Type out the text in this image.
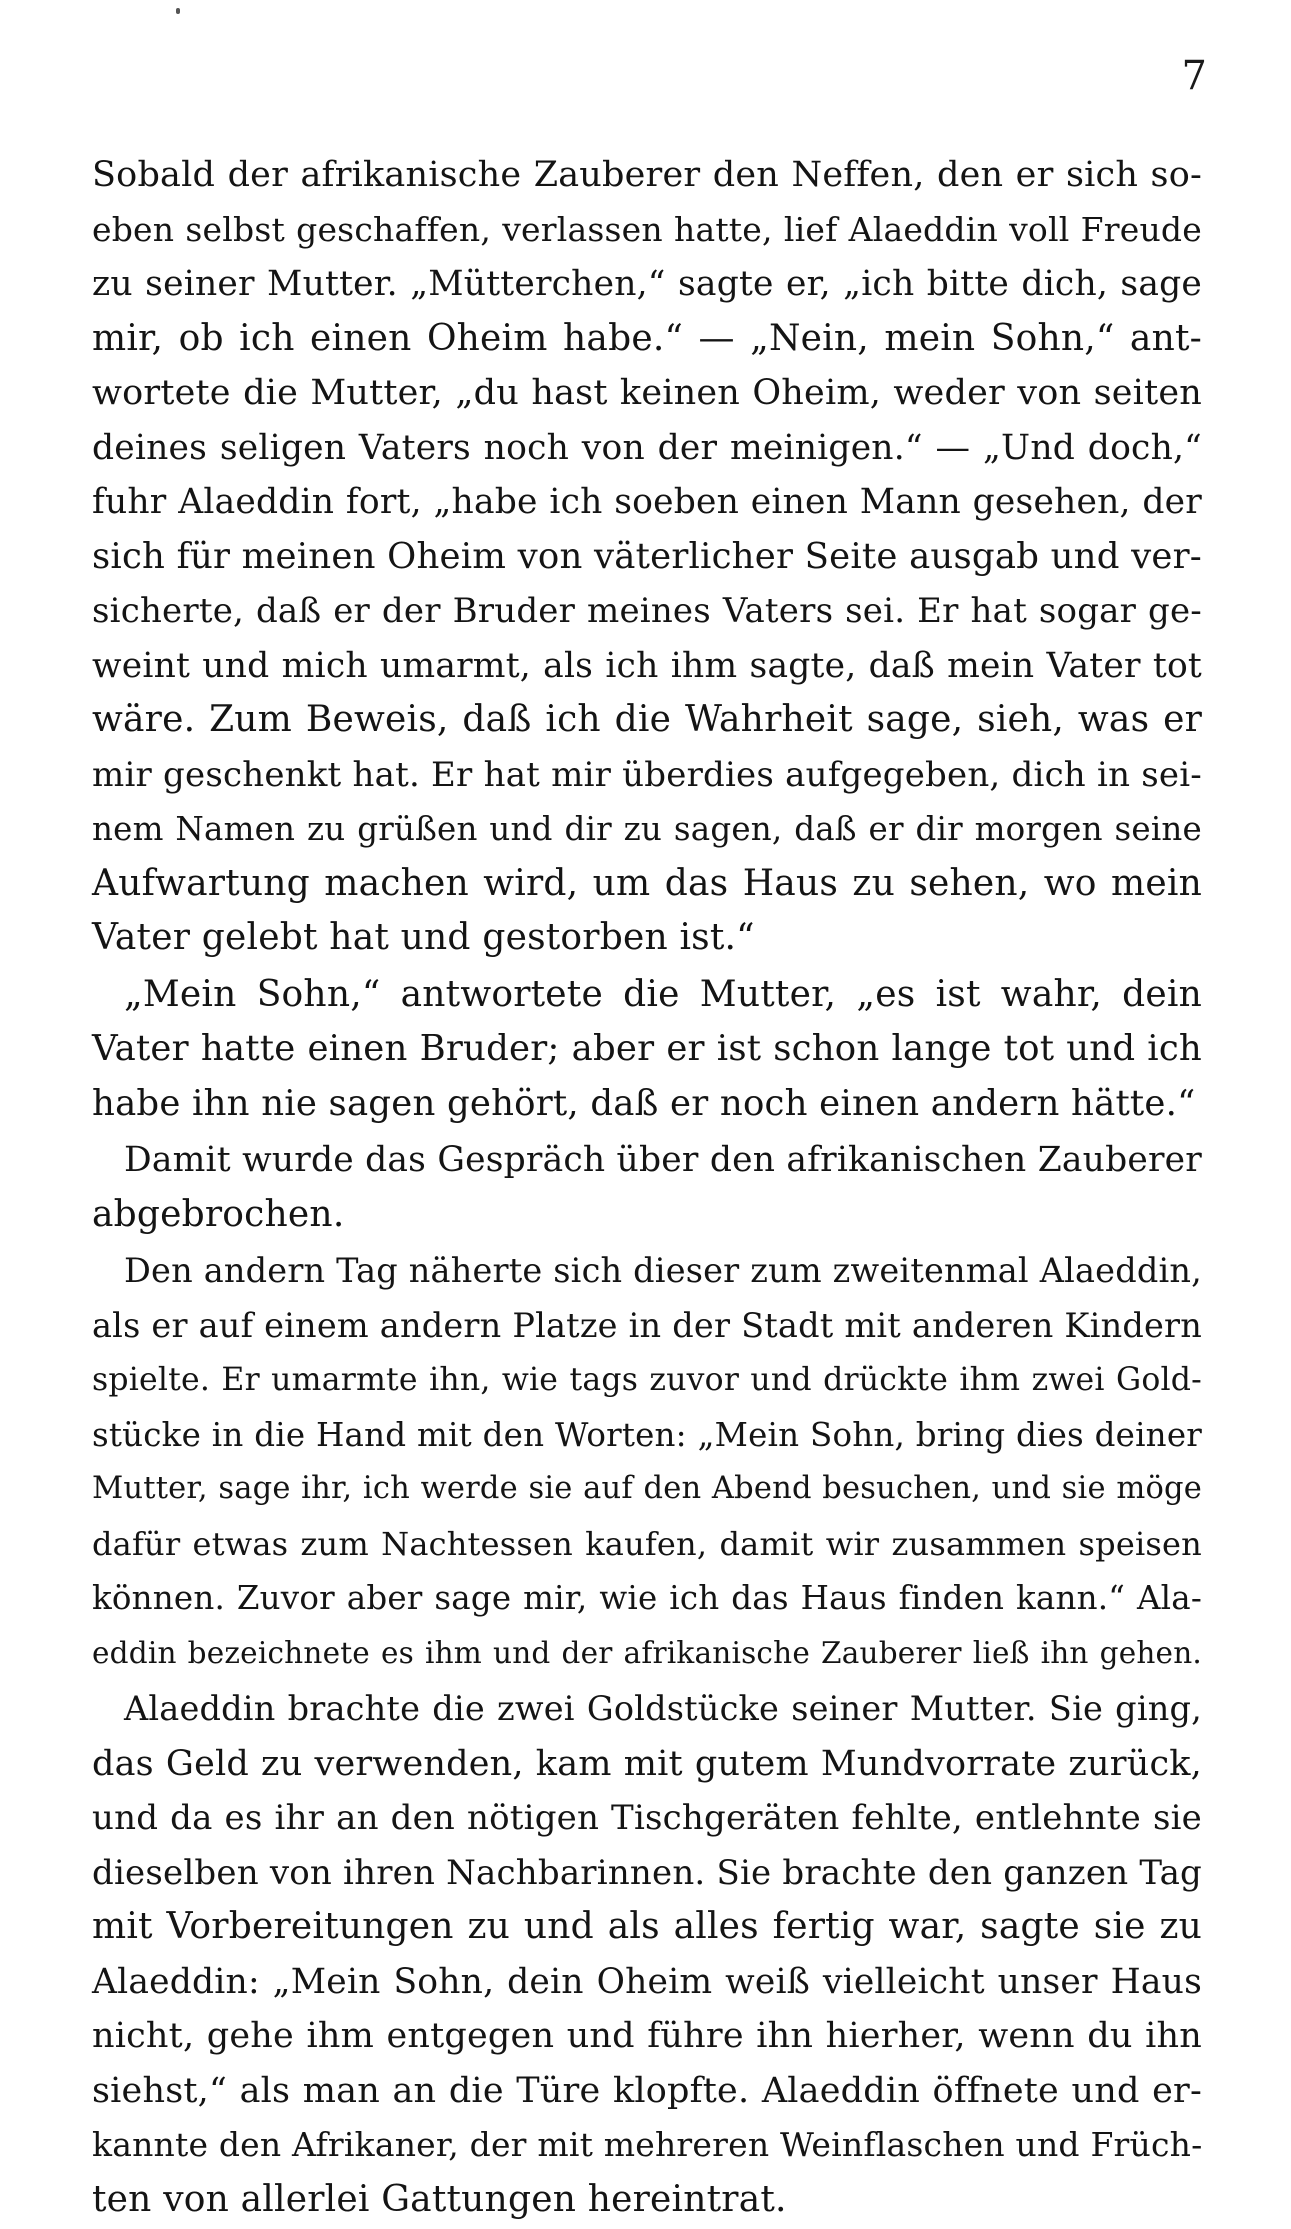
7
Sobald der afrikanische Zauberer den Neffen, den er sich so-
eben selbst geschaffen, verlassen hatte, lief Alaeddin voll Freude
zu seiner Mutter. „Mütterchen,“ sagte er, „ich bitte dich, sage
mir, ob ich einen Oheim habe.“ — „Nein, mein Sohn,“ ant-
wortete die Mutter, „du hast keinen Oheim, weder von seiten
deines seligen Vaters noch von der meinigen.“ — „Und doch,“
fuhr Alaeddin fort, „habe ich soeben einen Mann gesehen, der
sich für meinen Oheim von väterlicher Seite ausgab und ver-
sicherte, daß er der Bruder meines Vaters sei. Er hat sogar ge-
weint und mich umarmt, als ich ihm sagte, daß mein Vater tot
wäre. Zum Beweis, daß ich die Wahrheit sage, sieh, was er
mir geschenkt hat. Er hat mir überdies aufgegeben, dich in sei-
nem Namen zu grüßen und dir zu sagen, daß er dir morgen seine
Aufwartung machen wird, um das Haus zu sehen, wo mein
Vater gelebt hat und gestorben ist.“
„Mein Sohn,“ antwortete die Mutter, „es ist wahr, dein
Vater hatte einen Bruder; aber er ist schon lange tot und ich
habe ihn nie sagen gehört, daß er noch einen andern hätte.“
Damit wurde das Gespräch über den afrikanischen Zauberer
abgebrochen.
Den andern Tag näherte sich dieser zum zweitenmal Alaeddin,
als er auf einem andern Platze in der Stadt mit anderen Kindern
spielte. Er umarmte ihn, wie tags zuvor und drückte ihm zwei Gold-
stücke in die Hand mit den Worten: „Mein Sohn, bring dies deiner
Mutter, sage ihr, ich werde sie auf den Abend besuchen, und sie möge
dafür etwas zum Nachtessen kaufen, damit wir zusammen speisen
können. Zuvor aber sage mir, wie ich das Haus finden kann.“ Ala-
eddin bezeichnete es ihm und der afrikanische Zauberer ließ ihn gehen.
Alaeddin brachte die zwei Goldstücke seiner Mutter. Sie ging,
das Geld zu verwenden, kam mit gutem Mundvorrate zurück,
und da es ihr an den nötigen Tischgeräten fehlte, entlehnte sie
dieselben von ihren Nachbarinnen. Sie brachte den ganzen Tag
mit Vorbereitungen zu und als alles fertig war, sagte sie zu
Alaeddin: „Mein Sohn, dein Oheim weiß vielleicht unser Haus
nicht, gehe ihm entgegen und führe ihn hierher, wenn du ihn
siehst,“ als man an die Türe klopfte. Alaeddin öffnete und er-
kannte den Afrikaner, der mit mehreren Weinflaschen und Früch-
ten von allerlei Gattungen hereintrat.
